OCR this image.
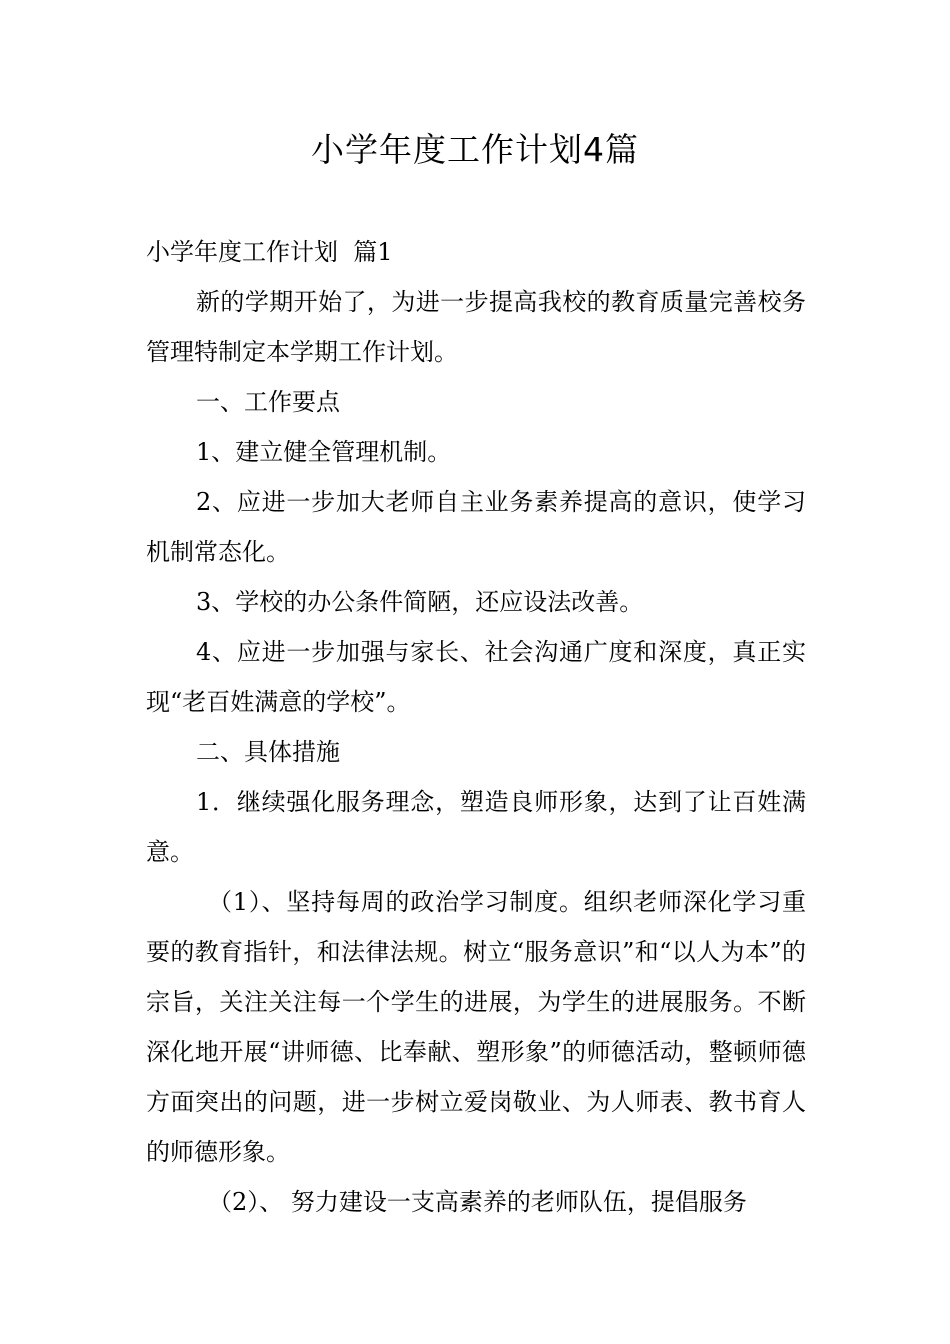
小学年度工作计划4篇

小学年度工作计划  篇1

新的学期开始了，为进一步提高我校的教育质量完善校务管理特制定本学期工作计划。

一、工作要点

1、建立健全管理机制。

2、应进一步加大老师自主业务素养提高的意识，使学习机制常态化。

3、学校的办公条件简陋，还应设法改善。

4、应进一步加强与家长、社会沟通广度和深度，真正实现“老百姓满意的学校”。

二、具体措施

1．继续强化服务理念，塑造良师形象，达到了让百姓满意。

（1）、坚持每周的政治学习制度。组织老师深化学习重要的教育指针，和法律法规。树立“服务意识”和“以人为本”的宗旨，关注关注每一个学生的进展，为学生的进展服务。不断深化地开展“讲师德、比奉献、塑形象”的师德活动，整顿师德方面突出的问题，进一步树立爱岗敬业、为人师表、教书育人的师德形象。

（2）、 努力建设一支高素养的老师队伍，提倡服务
